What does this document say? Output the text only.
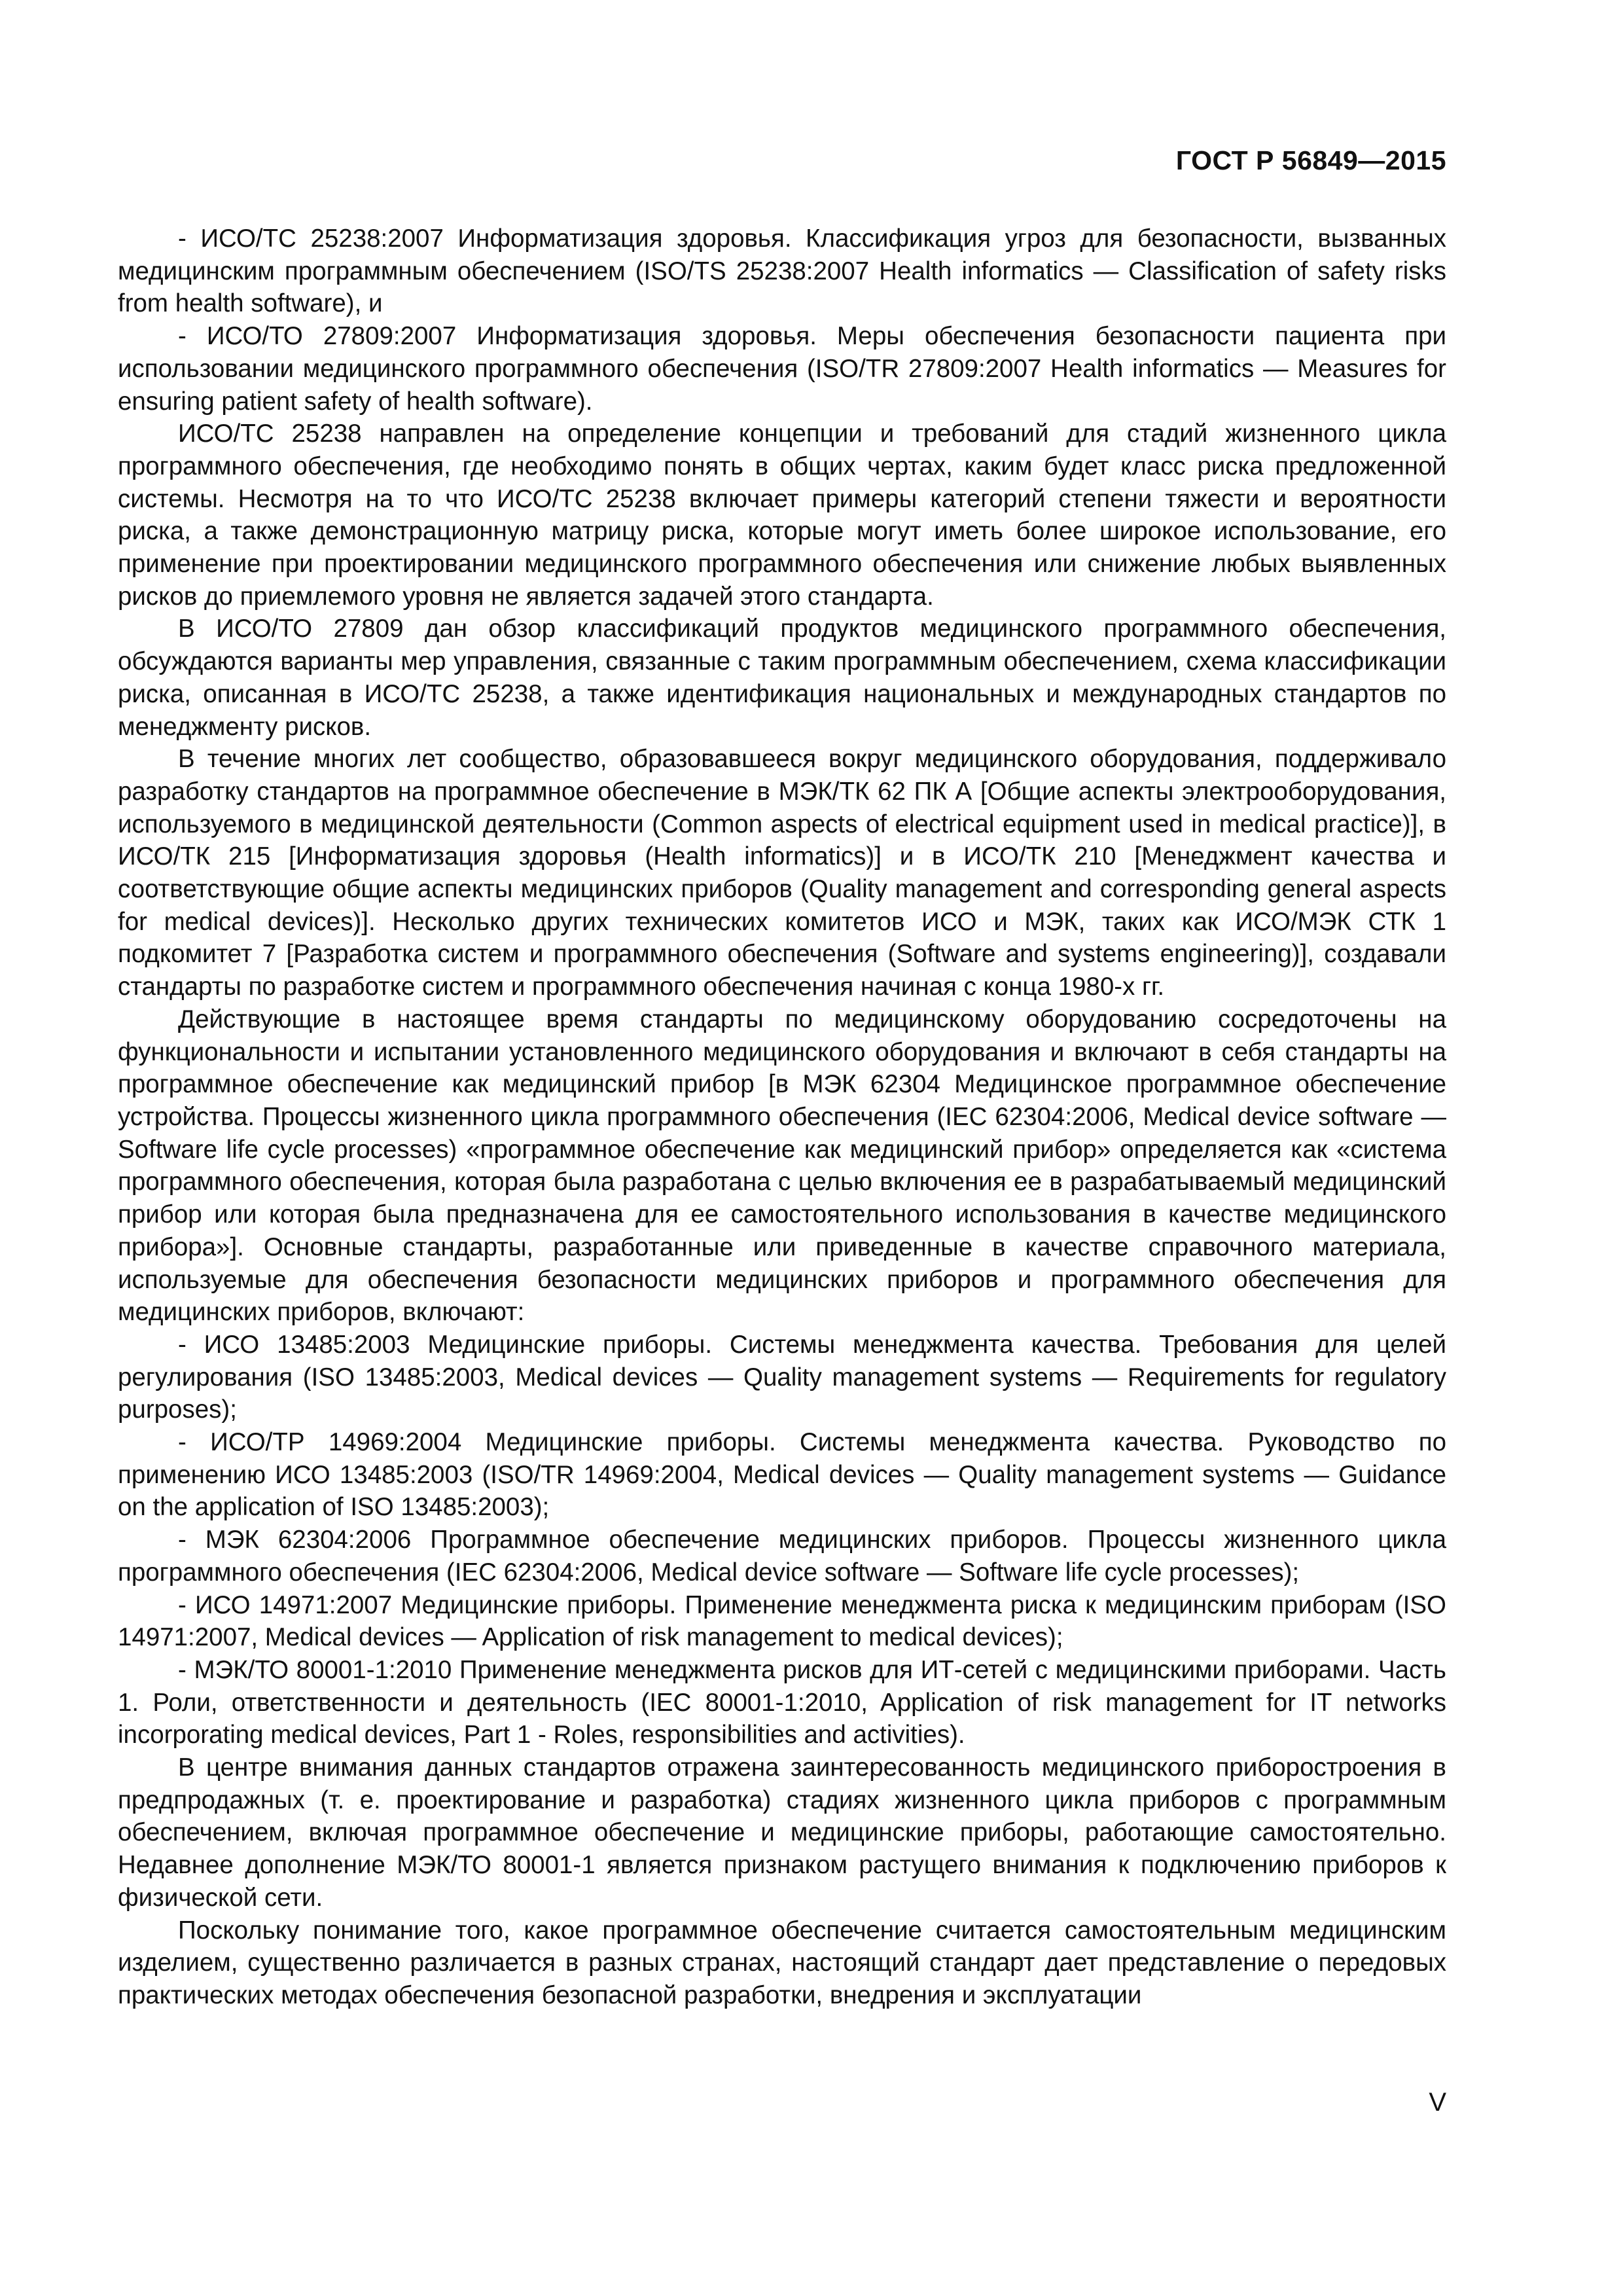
ГОСТ Р 56849—2015

- ИСО/ТС 25238:2007 Информатизация здоровья. Классификация угроз для безопасности, вызванных медицинским программным обеспечением (ISO/TS 25238:2007 Health informatics — Classification of safety risks from health software), и

- ИСО/ТО 27809:2007 Информатизация здоровья. Меры обеспечения безопасности пациента при использовании медицинского программного обеспечения (ISO/TR 27809:2007 Health informatics — Measures for ensuring patient safety of health software).

ИСО/ТС 25238 направлен на определение концепции и требований для стадий жизненного цикла программного обеспечения, где необходимо понять в общих чертах, каким будет класс риска предложенной системы. Несмотря на то что ИСО/ТС 25238 включает примеры категорий степени тяжести и вероятности риска, а также демонстрационную матрицу риска, которые могут иметь более широкое использование, его применение при проектировании медицинского программного обеспечения или снижение любых выявленных рисков до приемлемого уровня не является задачей этого стандарта.

В ИСО/ТО 27809 дан обзор классификаций продуктов медицинского программного обеспечения, обсуждаются варианты мер управления, связанные с таким программным обеспечением, схема классификации риска, описанная в ИСО/ТС 25238, а также идентификация национальных и международных стандартов по менеджменту рисков.

В течение многих лет сообщество, образовавшееся вокруг медицинского оборудования, поддерживало разработку стандартов на программное обеспечение в МЭК/ТК 62 ПК А [Общие аспекты электрооборудования, используемого в медицинской деятельности (Common aspects of electrical equipment used in medical practice)], в ИСО/ТК 215 [Информатизация здоровья (Health informatics)] и в ИСО/ТК 210 [Менеджмент качества и соответствующие общие аспекты медицинских приборов (Quality management and corresponding general aspects for medical devices)]. Несколько других технических комитетов ИСО и МЭК, таких как ИСО/МЭК СТК 1 подкомитет 7 [Разработка систем и программного обеспечения (Software and systems engineering)], создавали стандарты по разработке систем и программного обеспечения начиная с конца 1980-х гг.

Действующие в настоящее время стандарты по медицинскому оборудованию сосредоточены на функциональности и испытании установленного медицинского оборудования и включают в себя стандарты на программное обеспечение как медицинский прибор [в МЭК 62304 Медицинское программное обеспечение устройства. Процессы жизненного цикла программного обеспечения (IEC 62304:2006, Medical device software — Software life cycle processes) «программное обеспечение как медицинский прибор» определяется как «система программного обеспечения, которая была разработана с целью включения ее в разрабатываемый медицинский прибор или которая была предназначена для ее самостоятельного использования в качестве медицинского прибора»]. Основные стандарты, разработанные или приведенные в качестве справочного материала, используемые для обеспечения безопасности медицинских приборов и программного обеспечения для медицинских приборов, включают:

- ИСО 13485:2003 Медицинские приборы. Системы менеджмента качества. Требования для целей регулирования (ISO 13485:2003, Medical devices — Quality management systems — Requirements for regulatory purposes);

- ИСО/ТР 14969:2004 Медицинские приборы. Системы менеджмента качества. Руководство по применению ИСО 13485:2003 (ISO/TR 14969:2004, Medical devices — Quality management systems — Guidance on the application of ISO 13485:2003);

- МЭК 62304:2006 Программное обеспечение медицинских приборов. Процессы жизненного цикла программного обеспечения (IEC 62304:2006, Medical device software — Software life cycle processes);

- ИСО 14971:2007 Медицинские приборы. Применение менеджмента риска к медицинским приборам (ISO 14971:2007, Medical devices — Application of risk management to medical devices);

- МЭК/ТО 80001-1:2010 Применение менеджмента рисков для ИТ-сетей с медицинскими приборами. Часть 1. Роли, ответственности и деятельность (IEC 80001-1:2010, Application of risk management for IT networks incorporating medical devices, Part 1 - Roles, responsibilities and activities).

В центре внимания данных стандартов отражена заинтересованность медицинского приборостроения в предпродажных (т. е. проектирование и разработка) стадиях жизненного цикла приборов с программным обеспечением, включая программное обеспечение и медицинские приборы, работающие самостоятельно. Недавнее дополнение МЭК/ТО 80001-1 является признаком растущего внимания к подключению приборов к физической сети.

Поскольку понимание того, какое программное обеспечение считается самостоятельным медицинским изделием, существенно различается в разных странах, настоящий стандарт дает представление о передовых практических методах обеспечения безопасной разработки, внедрения и эксплуатации

V
